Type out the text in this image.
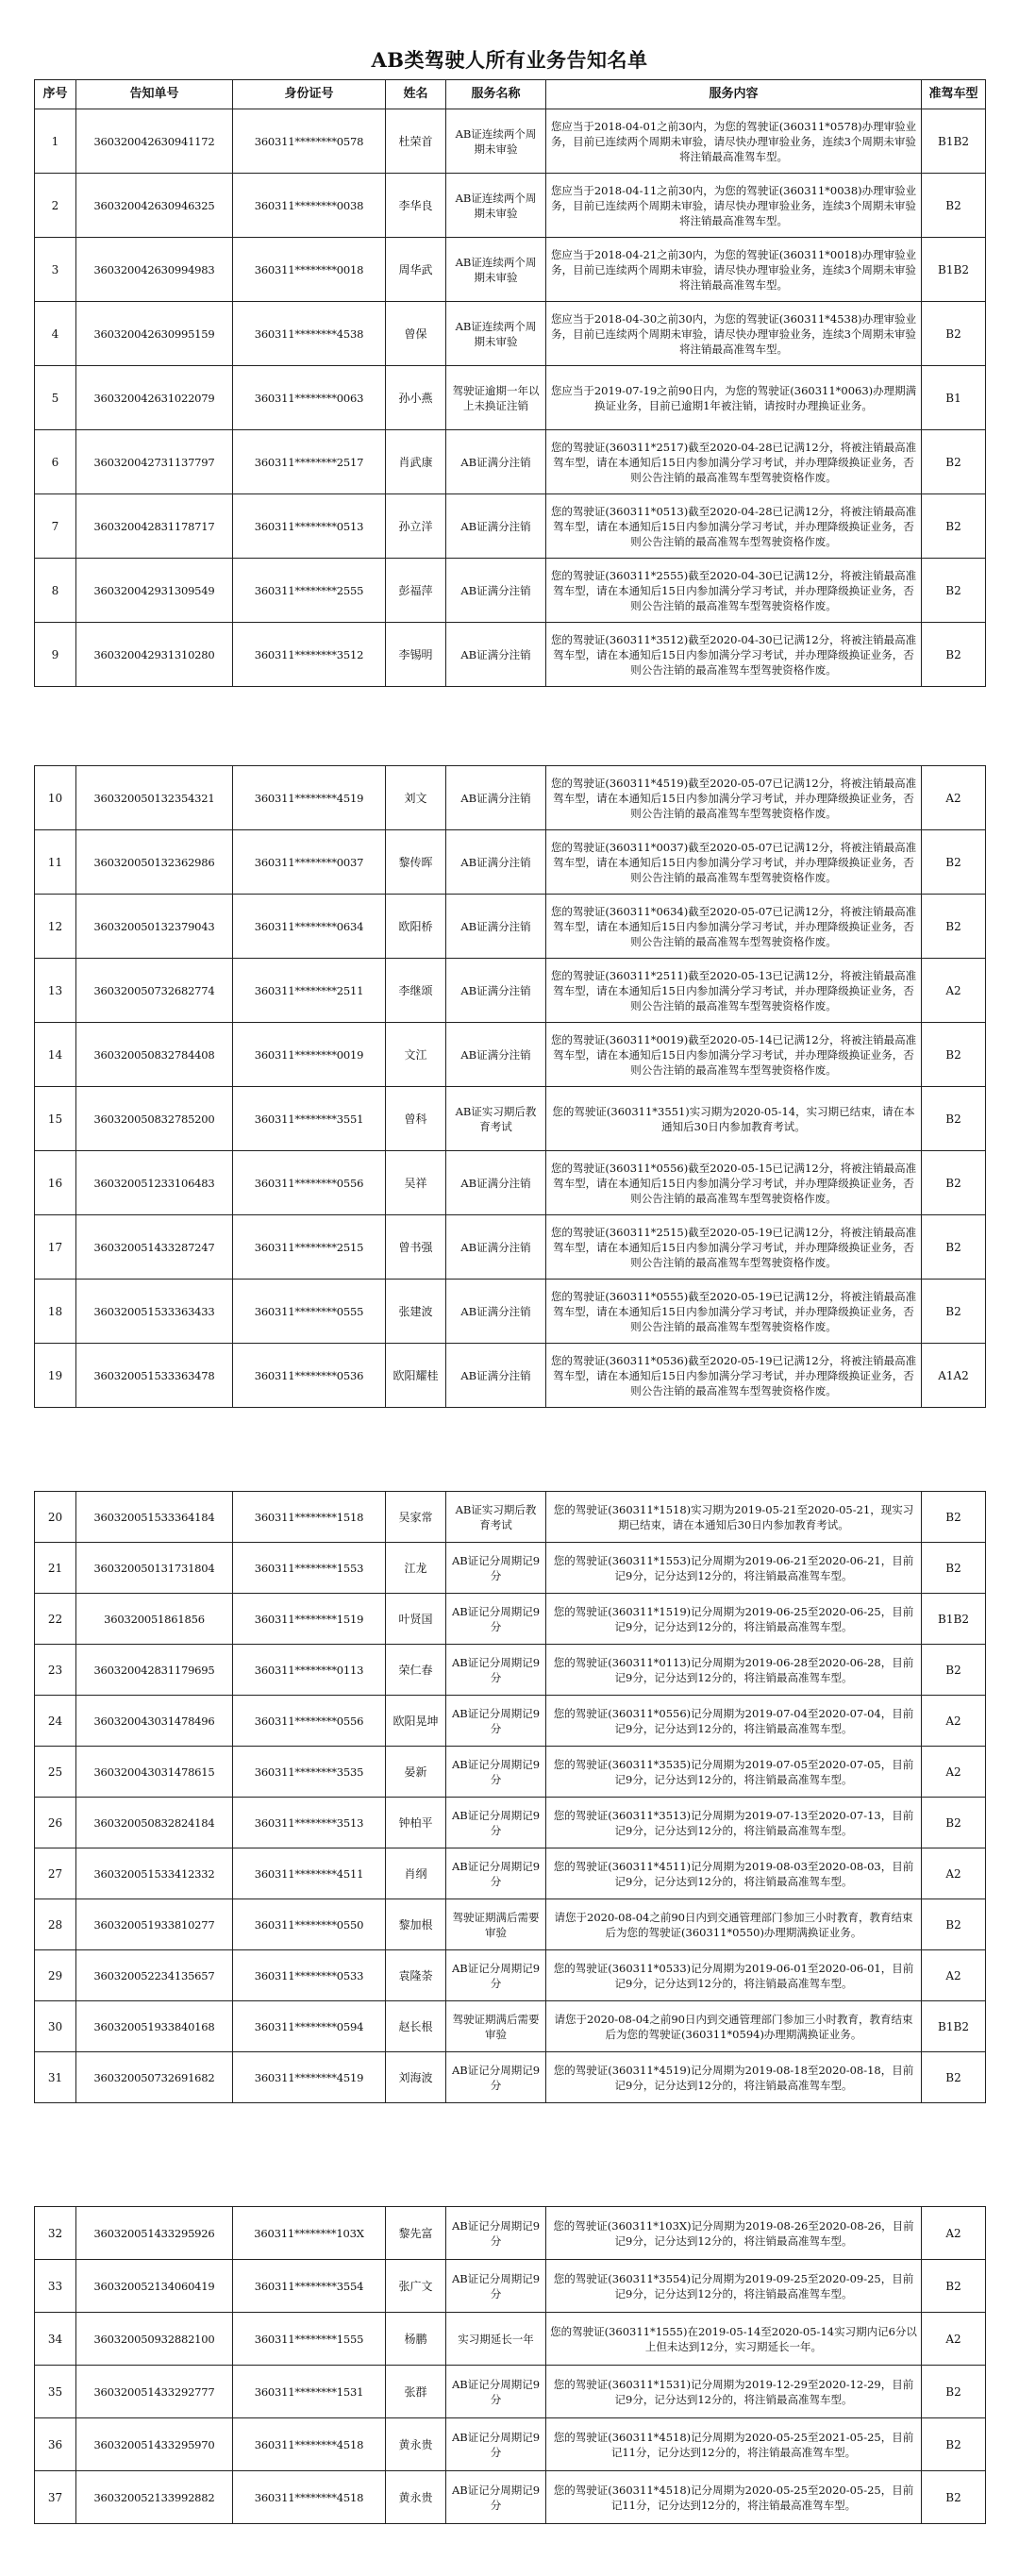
AB类驾驶人所有业务告知名单
序号	告知单号	身份证号	姓名	服务名称	服务内容	准驾车型
1	360320042630941172	360311********0578	杜荣首	AB证连续两个周期未审验	您应当于2018-04-01之前30内，为您的驾驶证(360311*0578)办理审验业务，目前已连续两个周期未审验，请尽快办理审验业务，连续3个周期未审验将注销最高准驾车型。	B1B2
2	360320042630946325	360311********0038	李华良	AB证连续两个周期未审验	您应当于2018-04-11之前30内，为您的驾驶证(360311*0038)办理审验业务，目前已连续两个周期未审验，请尽快办理审验业务，连续3个周期未审验将注销最高准驾车型。	B2
3	360320042630994983	360311********0018	周华武	AB证连续两个周期未审验	您应当于2018-04-21之前30内，为您的驾驶证(360311*0018)办理审验业务，目前已连续两个周期未审验，请尽快办理审验业务，连续3个周期未审验将注销最高准驾车型。	B1B2
4	360320042630995159	360311********4538	曾保	AB证连续两个周期未审验	您应当于2018-04-30之前30内，为您的驾驶证(360311*4538)办理审验业务，目前已连续两个周期未审验，请尽快办理审验业务，连续3个周期未审验将注销最高准驾车型。	B2
5	360320042631022079	360311********0063	孙小燕	驾驶证逾期一年以上未换证注销	您应当于2019-07-19之前90日内，为您的驾驶证(360311*0063)办理期满换证业务，目前已逾期1年被注销，请按时办理换证业务。	B1
6	360320042731137797	360311********2517	肖武康	AB证满分注销	您的驾驶证(360311*2517)截至2020-04-28已记满12分，将被注销最高准驾车型，请在本通知后15日内参加满分学习考试，并办理降级换证业务，否则公告注销的最高准驾车型驾驶资格作废。	B2
7	360320042831178717	360311********0513	孙立洋	AB证满分注销	您的驾驶证(360311*0513)截至2020-04-28已记满12分，将被注销最高准驾车型，请在本通知后15日内参加满分学习考试，并办理降级换证业务，否则公告注销的最高准驾车型驾驶资格作废。	B2
8	360320042931309549	360311********2555	彭福萍	AB证满分注销	您的驾驶证(360311*2555)截至2020-04-30已记满12分，将被注销最高准驾车型，请在本通知后15日内参加满分学习考试，并办理降级换证业务，否则公告注销的最高准驾车型驾驶资格作废。	B2
9	360320042931310280	360311********3512	李锡明	AB证满分注销	您的驾驶证(360311*3512)截至2020-04-30已记满12分，将被注销最高准驾车型，请在本通知后15日内参加满分学习考试，并办理降级换证业务，否则公告注销的最高准驾车型驾驶资格作废。	B2
10	360320050132354321	360311********4519	刘文	AB证满分注销	您的驾驶证(360311*4519)截至2020-05-07已记满12分，将被注销最高准驾车型，请在本通知后15日内参加满分学习考试，并办理降级换证业务，否则公告注销的最高准驾车型驾驶资格作废。	A2
11	360320050132362986	360311********0037	黎传晖	AB证满分注销	您的驾驶证(360311*0037)截至2020-05-07已记满12分，将被注销最高准驾车型，请在本通知后15日内参加满分学习考试，并办理降级换证业务，否则公告注销的最高准驾车型驾驶资格作废。	B2
12	360320050132379043	360311********0634	欧阳桥	AB证满分注销	您的驾驶证(360311*0634)截至2020-05-07已记满12分，将被注销最高准驾车型，请在本通知后15日内参加满分学习考试，并办理降级换证业务，否则公告注销的最高准驾车型驾驶资格作废。	B2
13	360320050732682774	360311********2511	李继颂	AB证满分注销	您的驾驶证(360311*2511)截至2020-05-13已记满12分，将被注销最高准驾车型，请在本通知后15日内参加满分学习考试，并办理降级换证业务，否则公告注销的最高准驾车型驾驶资格作废。	A2
14	360320050832784408	360311********0019	文江	AB证满分注销	您的驾驶证(360311*0019)截至2020-05-14已记满12分，将被注销最高准驾车型，请在本通知后15日内参加满分学习考试，并办理降级换证业务，否则公告注销的最高准驾车型驾驶资格作废。	B2
15	360320050832785200	360311********3551	曾科	AB证实习期后教育考试	您的驾驶证(360311*3551)实习期为2020-05-14，实习期已结束，请在本通知后30日内参加教育考试。	B2
16	360320051233106483	360311********0556	吴祥	AB证满分注销	您的驾驶证(360311*0556)截至2020-05-15已记满12分，将被注销最高准驾车型，请在本通知后15日内参加满分学习考试，并办理降级换证业务，否则公告注销的最高准驾车型驾驶资格作废。	B2
17	360320051433287247	360311********2515	曾书强	AB证满分注销	您的驾驶证(360311*2515)截至2020-05-19已记满12分，将被注销最高准驾车型，请在本通知后15日内参加满分学习考试，并办理降级换证业务，否则公告注销的最高准驾车型驾驶资格作废。	B2
18	360320051533363433	360311********0555	张建波	AB证满分注销	您的驾驶证(360311*0555)截至2020-05-19已记满12分，将被注销最高准驾车型，请在本通知后15日内参加满分学习考试，并办理降级换证业务，否则公告注销的最高准驾车型驾驶资格作废。	B2
19	360320051533363478	360311********0536	欧阳耀桂	AB证满分注销	您的驾驶证(360311*0536)截至2020-05-19已记满12分，将被注销最高准驾车型，请在本通知后15日内参加满分学习考试，并办理降级换证业务，否则公告注销的最高准驾车型驾驶资格作废。	A1A2
20	360320051533364184	360311********1518	吴家常	AB证实习期后教育考试	您的驾驶证(360311*1518)实习期为2019-05-21至2020-05-21，现实习期已结束，请在本通知后30日内参加教育考试。	B2
21	360320050131731804	360311********1553	江龙	AB证记分周期记9分	您的驾驶证(360311*1553)记分周期为2019-06-21至2020-06-21，目前记9分，记分达到12分的，将注销最高准驾车型。	B2
22	360320051861856	360311********1519	叶贤国	AB证记分周期记9分	您的驾驶证(360311*1519)记分周期为2019-06-25至2020-06-25，目前记9分，记分达到12分的，将注销最高准驾车型。	B1B2
23	360320042831179695	360311********0113	荣仁春	AB证记分周期记9分	您的驾驶证(360311*0113)记分周期为2019-06-28至2020-06-28，目前记9分，记分达到12分的，将注销最高准驾车型。	B2
24	360320043031478496	360311********0556	欧阳晃坤	AB证记分周期记9分	您的驾驶证(360311*0556)记分周期为2019-07-04至2020-07-04，目前记9分，记分达到12分的，将注销最高准驾车型。	A2
25	360320043031478615	360311********3535	晏新	AB证记分周期记9分	您的驾驶证(360311*3535)记分周期为2019-07-05至2020-07-05，目前记9分，记分达到12分的，将注销最高准驾车型。	A2
26	360320050832824184	360311********3513	钟柏平	AB证记分周期记9分	您的驾驶证(360311*3513)记分周期为2019-07-13至2020-07-13，目前记9分，记分达到12分的，将注销最高准驾车型。	B2
27	360320051533412332	360311********4511	肖纲	AB证记分周期记9分	您的驾驶证(360311*4511)记分周期为2019-08-03至2020-08-03，目前记9分，记分达到12分的，将注销最高准驾车型。	A2
28	360320051933810277	360311********0550	黎加根	驾驶证期满后需要审验	请您于2020-08-04之前90日内到交通管理部门参加三小时教育，教育结束后为您的驾驶证(360311*0550)办理期满换证业务。	B2
29	360320052234135657	360311********0533	袁隆荼	AB证记分周期记9分	您的驾驶证(360311*0533)记分周期为2019-06-01至2020-06-01，目前记9分，记分达到12分的，将注销最高准驾车型。	A2
30	360320051933840168	360311********0594	赵长根	驾驶证期满后需要审验	请您于2020-08-04之前90日内到交通管理部门参加三小时教育，教育结束后为您的驾驶证(360311*0594)办理期满换证业务。	B1B2
31	360320050732691682	360311********4519	刘海波	AB证记分周期记9分	您的驾驶证(360311*4519)记分周期为2019-08-18至2020-08-18，目前记9分，记分达到12分的，将注销最高准驾车型。	B2
32	360320051433295926	360311********103X	黎先富	AB证记分周期记9分	您的驾驶证(360311*103X)记分周期为2019-08-26至2020-08-26，目前记9分，记分达到12分的，将注销最高准驾车型。	A2
33	360320052134060419	360311********3554	张广文	AB证记分周期记9分	您的驾驶证(360311*3554)记分周期为2019-09-25至2020-09-25，目前记9分，记分达到12分的，将注销最高准驾车型。	B2
34	360320050932882100	360311********1555	杨鹏	实习期延长一年	您的驾驶证(360311*1555)在2019-05-14至2020-05-14实习期内记6分以上但未达到12分，实习期延长一年。	A2
35	360320051433292777	360311********1531	张群	AB证记分周期记9分	您的驾驶证(360311*1531)记分周期为2019-12-29至2020-12-29，目前记9分，记分达到12分的，将注销最高准驾车型。	B2
36	360320051433295970	360311********4518	黄永贵	AB证记分周期记9分	您的驾驶证(360311*4518)记分周期为2020-05-25至2021-05-25，目前记11分，记分达到12分的，将注销最高准驾车型。	B2
37	360320052133992882	360311********4518	黄永贵	AB证记分周期记9分	您的驾驶证(360311*4518)记分周期为2020-05-25至2020-05-25，目前记11分，记分达到12分的，将注销最高准驾车型。	B2
